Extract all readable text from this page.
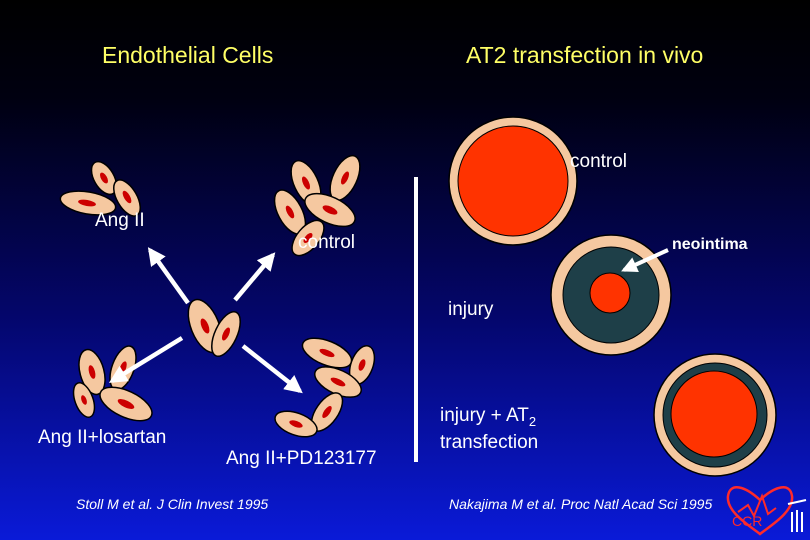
Endothelial Cells	AT2 transfection in vivo
Ang II
control
Ang II+losartan
Ang II+PD123177
control
injury
neointima
injury + $AT_2$
transfection
Stoll M et al. J Clin Invest 1995	Nakajima M et al. Proc Natl Acad Sci 1995
CCR
